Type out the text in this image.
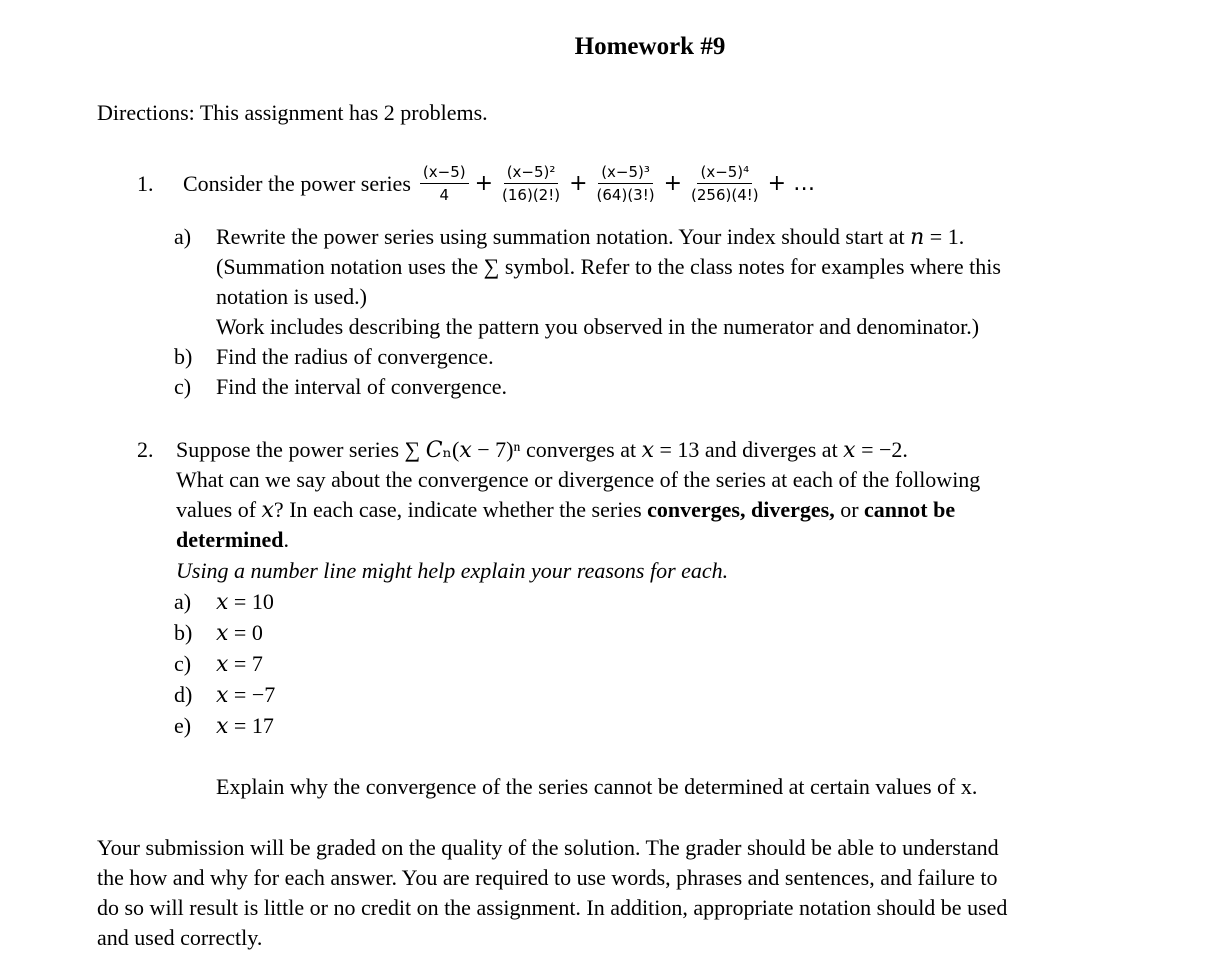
Homework #9
Directions: This assignment has 2 problems.
1.	Consider the power series $\frac{(x-5)}{4} + \frac{\text{(x−5)²}}{(16)(2!)} + \frac{\text{(x−5)³}}{(64)(3!)} + \frac{\text{(x−5)⁴}}{(256)(4!)}$ + …
a)	Rewrite the power series using summation notation. Your index should start at 𝑛 = 1.
(Summation notation uses the ∑ symbol. Refer to the class notes for examples where this
notation is used.)
Work includes describing the pattern you observed in the numerator and denominator.)
b)	Find the radius of convergence.
c)	Find the interval of convergence.
2. Suppose the power series ∑ 𝐶ₙ(𝑥 − 7)ⁿ converges at 𝑥 = 13 and diverges at 𝑥 = −2.
What can we say about the convergence or divergence of the series at each of the following
values of 𝑥? In each case, indicate whether the series converges, diverges, or cannot be
determined.
Using a number line might help explain your reasons for each.
a)	𝑥 = 10
b)	𝑥 = 0
c)	𝑥 = 7
d)	𝑥 = −7
e)	𝑥 = 17
Explain why the convergence of the series cannot be determined at certain values of x.
Your submission will be graded on the quality of the solution. The grader should be able to understand
the how and why for each answer. You are required to use words, phrases and sentences, and failure to
do so will result is little or no credit on the assignment. In addition, appropriate notation should be used
and used correctly.
